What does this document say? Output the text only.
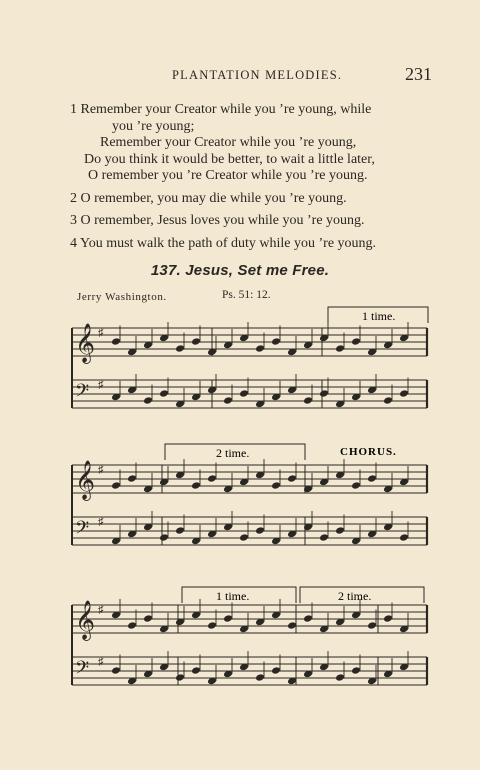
PLANTATION MELODIES.	231

1 Remember your Creator while you ’re young, while
you ’re young;
Remember your Creator while you ’re young,
Do you think it would be better, to wait a little later,
O remember you ’re Creator while you ’re young.

2 O remember, you may die while you ’re young.

3 O remember, Jesus loves you while you ’re young.

4 You must walk the path of duty while you ’re young.

137. Jesus, Set me Free.
Jerry Washington.	Ps. 51: 12.
𝄞 ♯
𝄢 ♯
𝄞 ♯
𝄢 ♯
𝄞 ♯
𝄢 ♯
1 time.
2 time.
1 time.	2 time.
CHORUS.
